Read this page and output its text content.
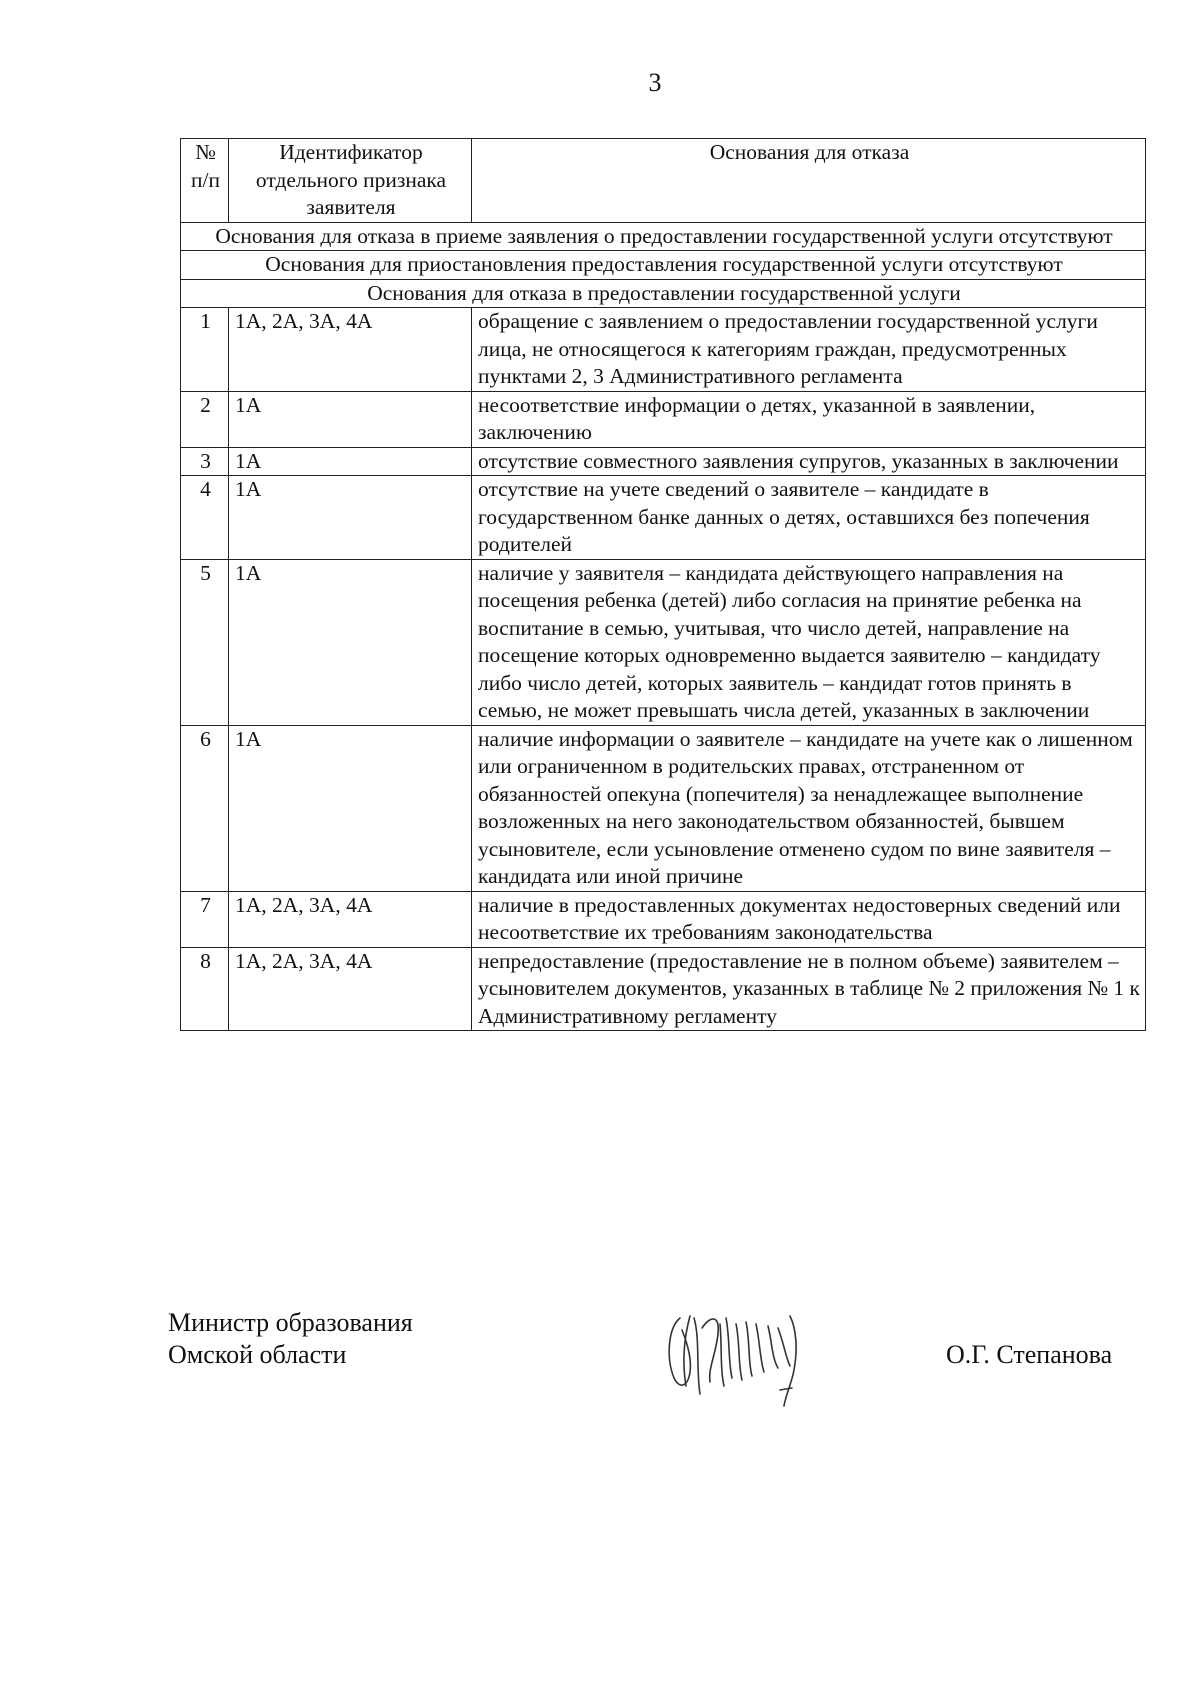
3
№ п/п	Идентификатор отдельного признака заявителя	Основания для отказа
Основания для отказа в приеме заявления о предоставлении государственной услуги отсутствуют		
Основания для приостановления предоставления государственной услуги отсутствуют		
Основания для отказа в предоставлении государственной услуги		
1	1А, 2А, 3А, 4А	обращение с заявлением о предоставлении государственной услуги лица, не относящегося к категориям граждан, предусмотренных пунктами 2, 3 Административного регламента
2	1А	несоответствие информации о детях, указанной в заявлении, заключению
3	1А	отсутствие совместного заявления супругов, указанных в заключении
4	1А	отсутствие на учете сведений о заявителе – кандидате в государственном банке данных о детях, оставшихся без попечения родителей
5	1А	наличие у заявителя – кандидата действующего направления на посещения ребенка (детей) либо согласия на принятие ребенка на воспитание в семью, учитывая, что число детей, направление на посещение которых одновременно выдается заявителю – кандидату либо число детей, которых заявитель – кандидат готов принять в семью, не может превышать числа детей, указанных в заключении
6	1А	наличие информации о заявителе – кандидате на учете как о лишенном или ограниченном в родительских правах, отстраненном от обязанностей опекуна (попечителя) за ненадлежащее выполнение возложенных на него законодательством обязанностей, бывшем усыновителе, если усыновление отменено судом по вине заявителя – кандидата или иной причине
7	1А, 2А, 3А, 4А	наличие в предоставленных документах недостоверных сведений или несоответствие их требованиям законодательства
8	1А, 2А, 3А, 4А	непредоставление (предоставление не в полном объеме) заявителем – усыновителем документов, указанных в таблице № 2 приложения № 1 к Административному регламенту
Министр образования
Омской области	О.Г. Степанова
